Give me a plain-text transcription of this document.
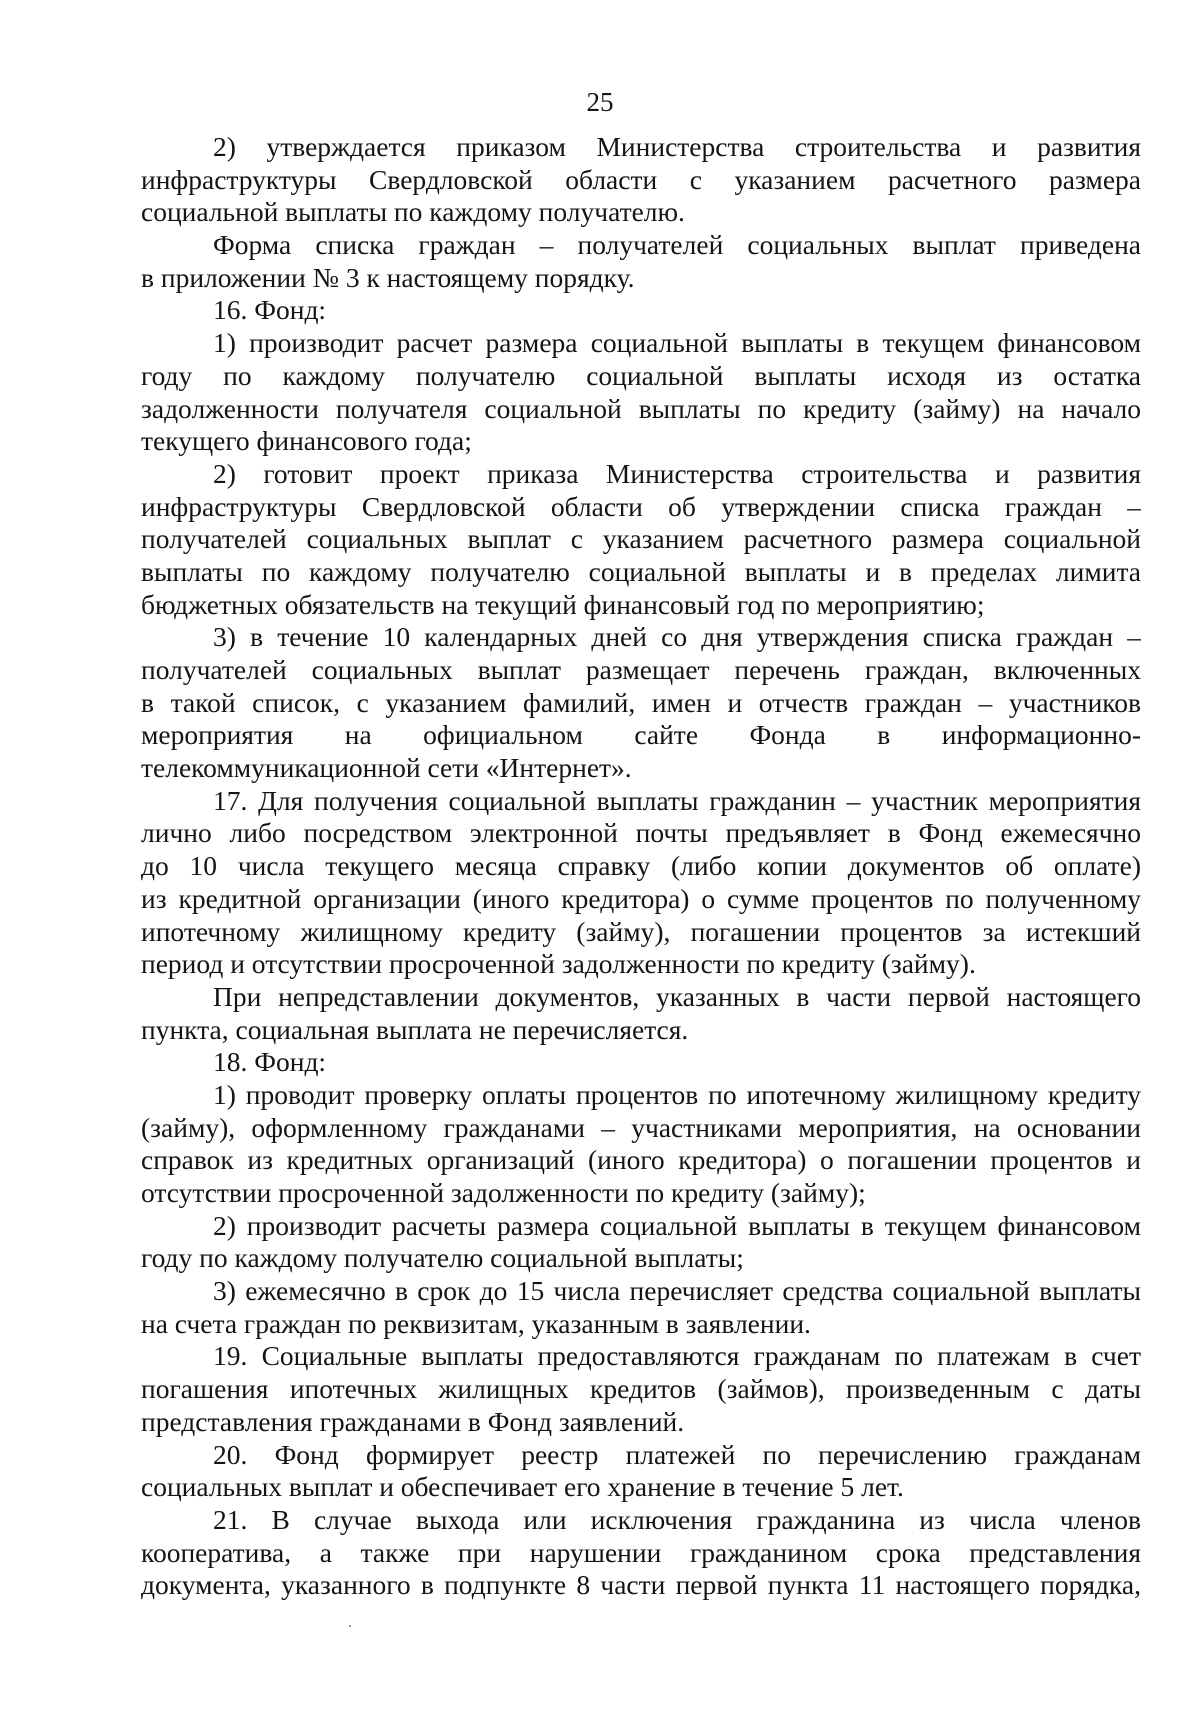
25
2) утверждается приказом Министерства строительства и развития
инфраструктуры Свердловской области с указанием расчетного размера
социальной выплаты по каждому получателю.
Форма списка граждан – получателей социальных выплат приведена
в приложении № 3 к настоящему порядку.
16. Фонд:
1) производит расчет размера социальной выплаты в текущем финансовом
году по каждому получателю социальной выплаты исходя из остатка
задолженности получателя социальной выплаты по кредиту (займу) на начало
текущего финансового года;
2) готовит проект приказа Министерства строительства и развития
инфраструктуры Свердловской области об утверждении списка граждан –
получателей социальных выплат с указанием расчетного размера социальной
выплаты по каждому получателю социальной выплаты и в пределах лимита
бюджетных обязательств на текущий финансовый год по мероприятию;
3) в течение 10 календарных дней со дня утверждения списка граждан –
получателей социальных выплат размещает перечень граждан, включенных
в такой список, с указанием фамилий, имен и отчеств граждан – участников
мероприятия на официальном сайте Фонда в информационно-
телекоммуникационной сети «Интернет».
17. Для получения социальной выплаты гражданин – участник мероприятия
лично либо посредством электронной почты предъявляет в Фонд ежемесячно
до 10 числа текущего месяца справку (либо копии документов об оплате)
из кредитной организации (иного кредитора) о сумме процентов по полученному
ипотечному жилищному кредиту (займу), погашении процентов за истекший
период и отсутствии просроченной задолженности по кредиту (займу).
При непредставлении документов, указанных в части первой настоящего
пункта, социальная выплата не перечисляется.
18. Фонд:
1) проводит проверку оплаты процентов по ипотечному жилищному кредиту
(займу), оформленному гражданами – участниками мероприятия, на основании
справок из кредитных организаций (иного кредитора) о погашении процентов и
отсутствии просроченной задолженности по кредиту (займу);
2) производит расчеты размера социальной выплаты в текущем финансовом
году по каждому получателю социальной выплаты;
3) ежемесячно в срок до 15 числа перечисляет средства социальной выплаты
на счета граждан по реквизитам, указанным в заявлении.
19. Социальные выплаты предоставляются гражданам по платежам в счет
погашения ипотечных жилищных кредитов (займов), произведенным с даты
представления гражданами в Фонд заявлений.
20. Фонд формирует реестр платежей по перечислению гражданам
социальных выплат и обеспечивает его хранение в течение 5 лет.
21. В случае выхода или исключения гражданина из числа членов
кооператива, а также при нарушении гражданином срока представления
документа, указанного в подпункте 8 части первой пункта 11 настоящего порядка,
